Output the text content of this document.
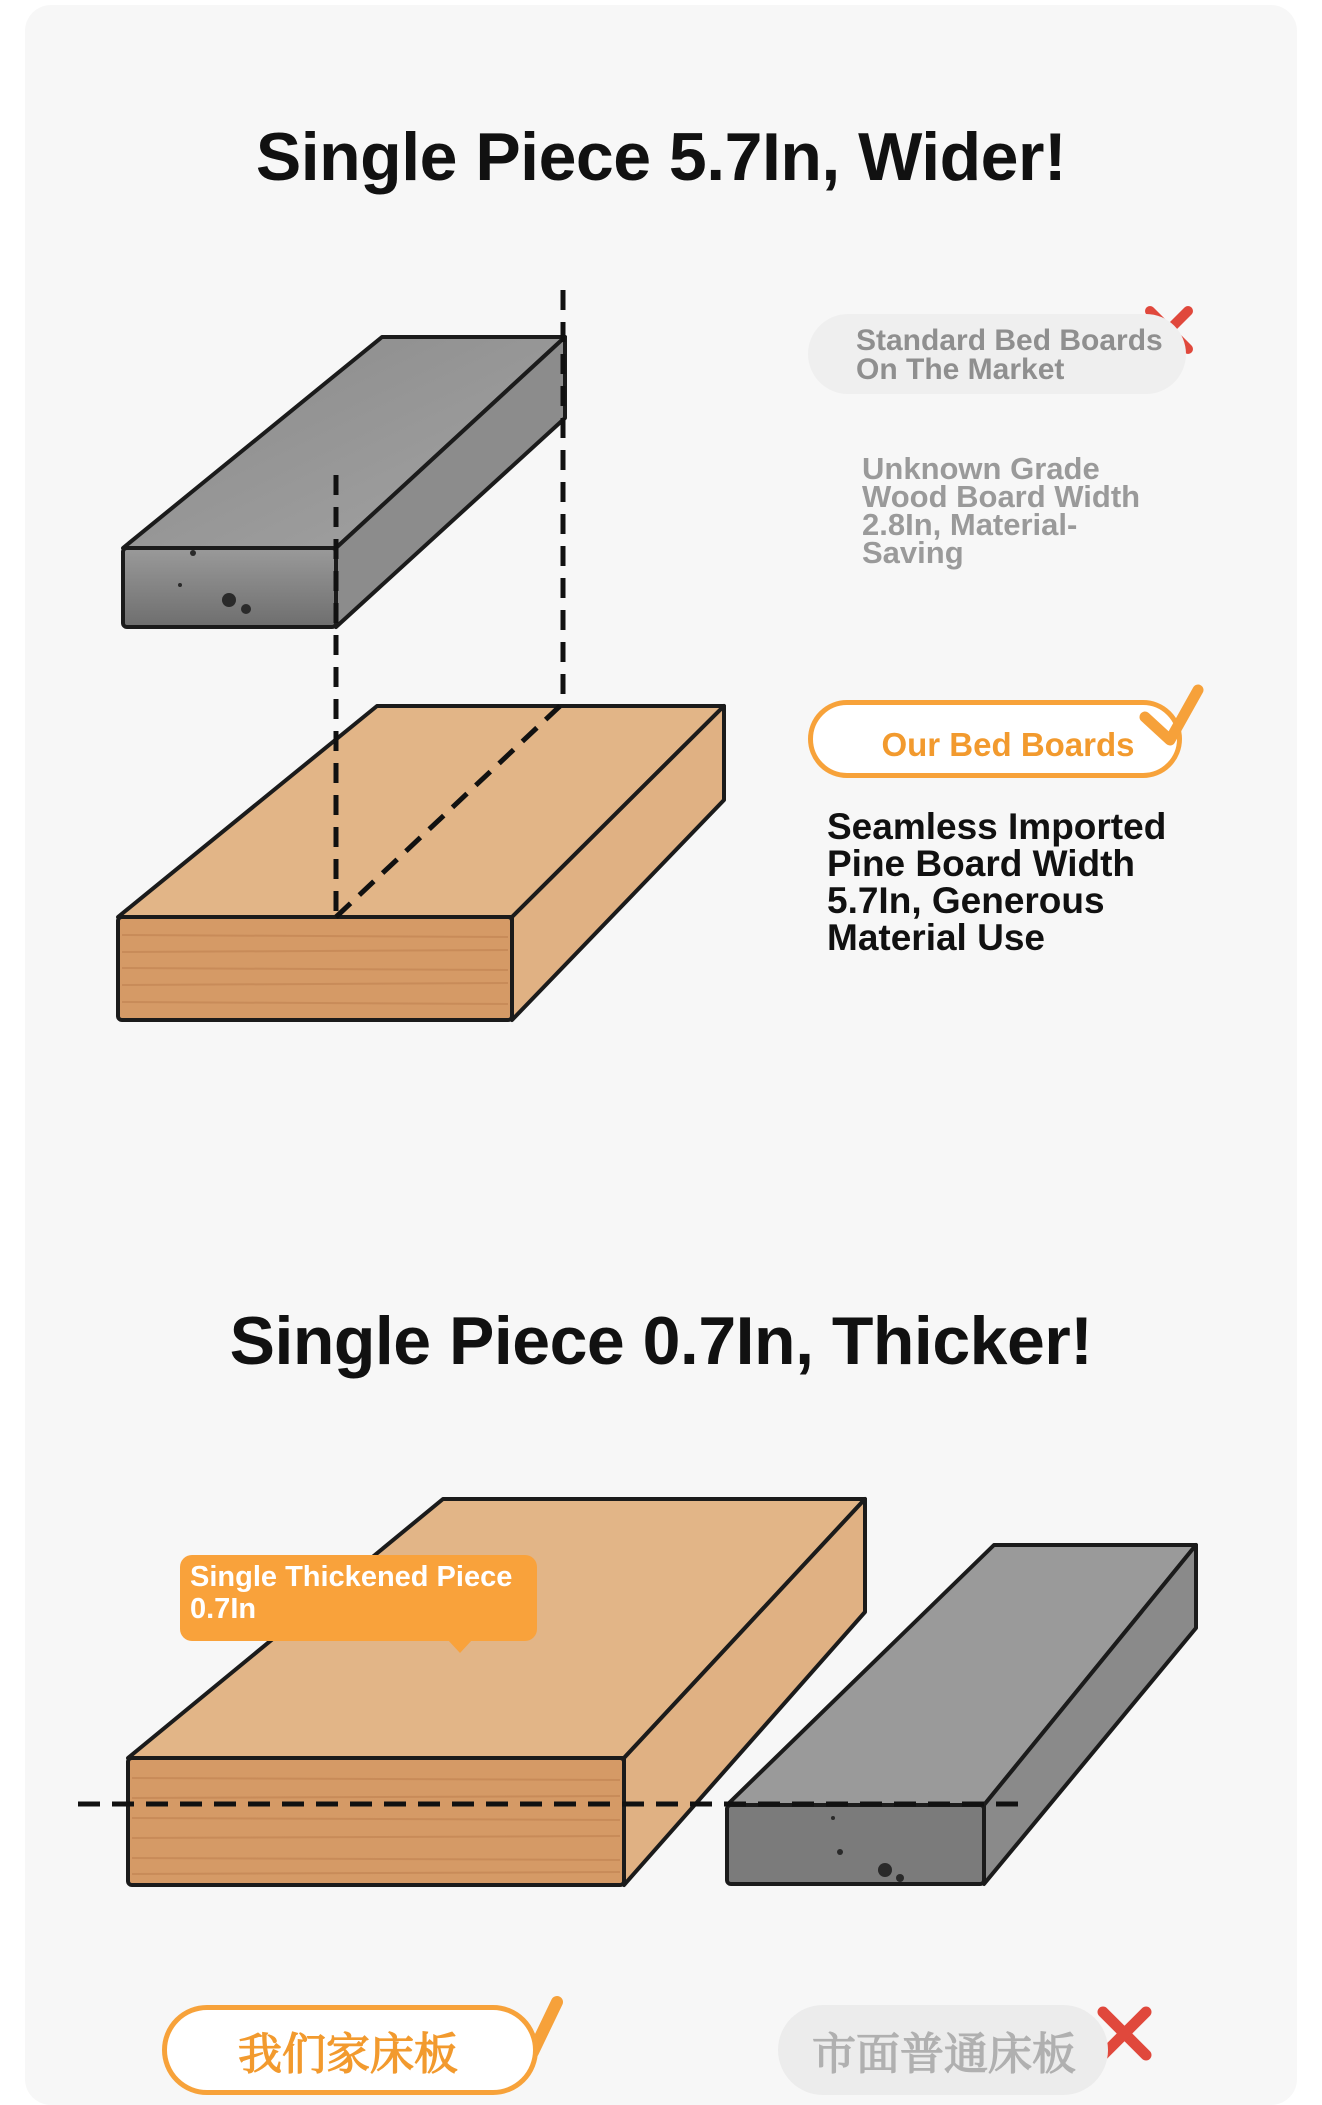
Single Piece 5.7In, Wider!
Standard Bed Boards On The Market
Unknown Grade Wood Board Width 2.8In, Material-Saving
Our Bed Boards
Seamless Imported Pine Board Width 5.7In, Generous Material Use
Single Piece 0.7In, Thicker!
Single Thickened Piece 0.7In
我们家床板	市面普通床板
